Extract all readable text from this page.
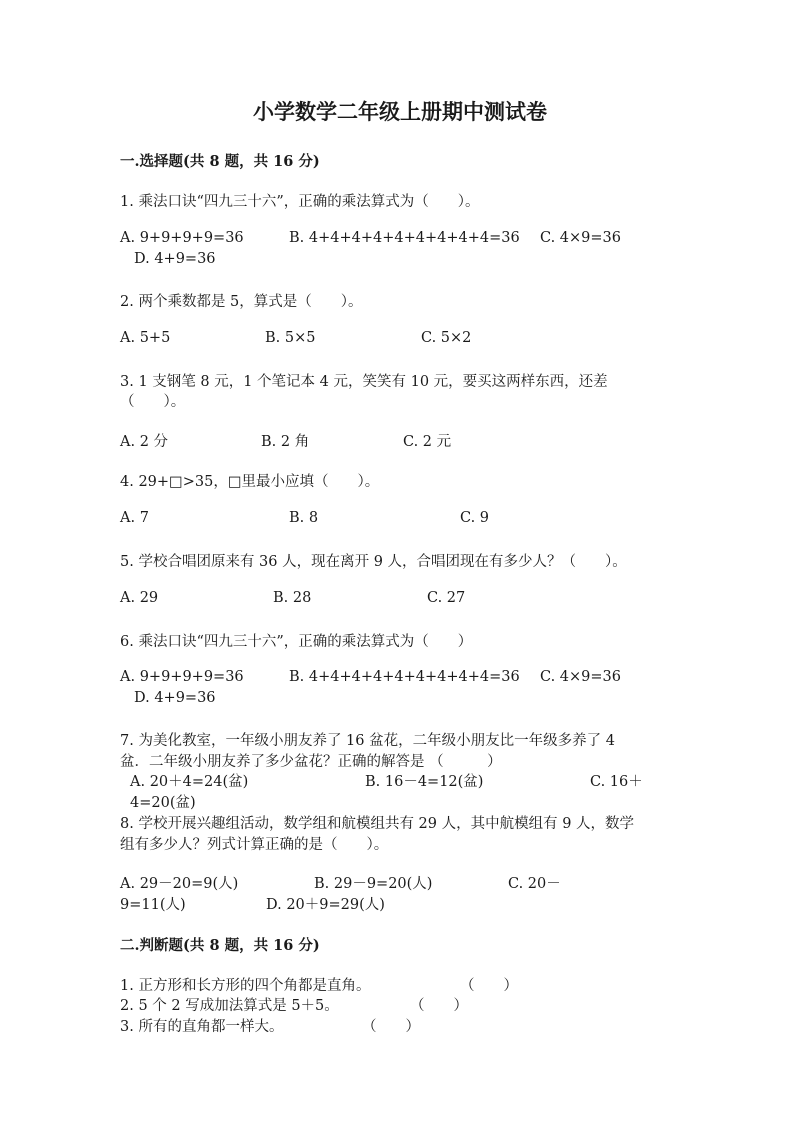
小学数学二年级上册期中测试卷
一.选择题(共 8 题，共 16 分)
1. 乘法口诀“四九三十六”，正确的乘法算式为（　　）。
A. 9+9+9+9=36	B. 4+4+4+4+4+4+4+4+4=36 C. 4×9=36
D. 4+9=36
2. 两个乘数都是 5，算式是（　　）。
A. 5+5	B. 5×5	C. 5×2
3. 1 支钢笔 8 元，1 个笔记本 4 元，笑笑有 10 元，要买这两样东西，还差
（　　）。
A. 2 分	B. 2 角	C. 2 元
4. 29+□>35，□里最小应填（　　）。
A. 7	B. 8	C. 9
5. 学校合唱团原来有 36 人，现在离开 9 人，合唱团现在有多少人？（　　）。
A. 29	B. 28	C. 27
6. 乘法口诀“四九三十六”，正确的乘法算式为（　　）
A. 9+9+9+9=36	B. 4+4+4+4+4+4+4+4+4=36 C. 4×9=36
D. 4+9=36
7. 为美化教室，一年级小朋友养了 16 盆花，二年级小朋友比一年级多养了 4
盆．二年级小朋友养了多少盆花？正确的解答是 （　　　）
A. 20＋4=24(盆)	B. 16－4=12(盆)	C. 16＋
4=20(盆)
8. 学校开展兴趣组活动，数学组和航模组共有 29 人，其中航模组有 9 人，数学
组有多少人？列式计算正确的是（　　）。
A. 29－20=9(人)	B. 29－9=20(人)	C. 20－
9=11(人)	D. 20＋9=29(人)
二.判断题(共 8 题，共 16 分)
1. 正方形和长方形的四个角都是直角。	（　　）
2. 5 个 2 写成加法算式是 5＋5。	（　　）
3. 所有的直角都一样大。	（　　）
